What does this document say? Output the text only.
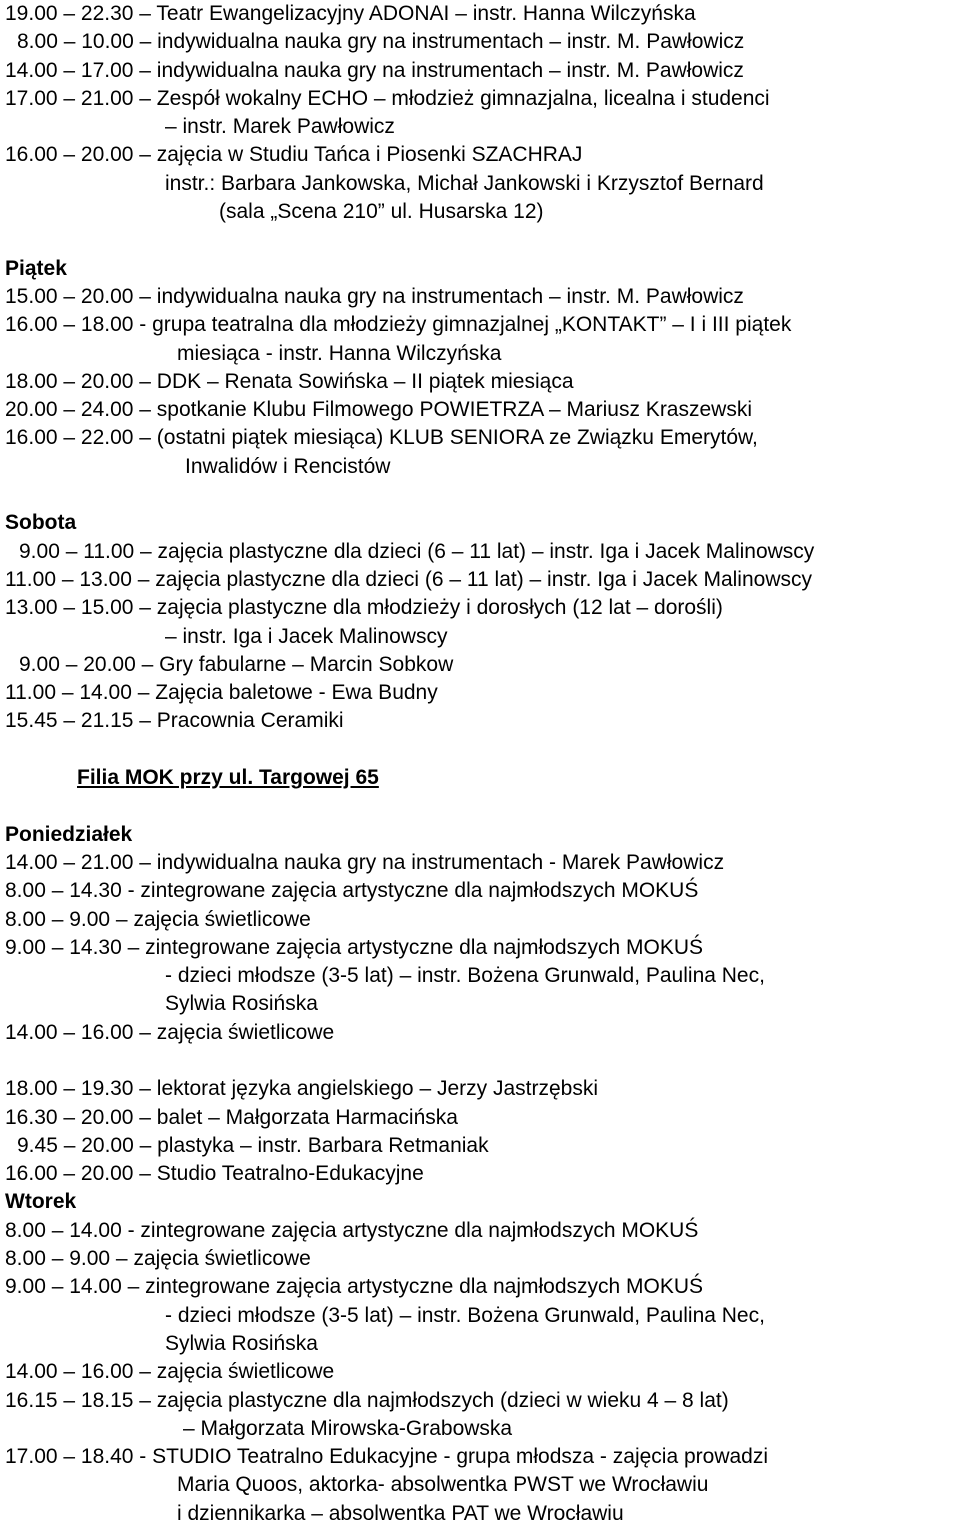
19.00 – 22.30 – Teatr Ewangelizacyjny ADONAI – instr. Hanna Wilczyńska
8.00 – 10.00 – indywidualna nauka gry na instrumentach – instr. M. Pawłowicz
14.00 – 17.00 – indywidualna nauka gry na instrumentach – instr. M. Pawłowicz
17.00 – 21.00 – Zespół wokalny ECHO – młodzież gimnazjalna, licealna i studenci
– instr. Marek Pawłowicz
16.00 – 20.00 – zajęcia w Studiu Tańca i Piosenki SZACHRAJ
instr.: Barbara Jankowska, Michał Jankowski i Krzysztof Bernard
(sala „Scena 210” ul. Husarska 12)
Piątek
15.00 – 20.00 – indywidualna nauka gry na instrumentach – instr. M. Pawłowicz
16.00 – 18.00 - grupa teatralna dla młodzieży gimnazjalnej „KONTAKT” – I i III piątek
miesiąca - instr. Hanna Wilczyńska
18.00 – 20.00 – DDK – Renata Sowińska – II piątek miesiąca
20.00 – 24.00 – spotkanie Klubu Filmowego POWIETRZA – Mariusz Kraszewski
16.00 – 22.00 – (ostatni piątek miesiąca) KLUB SENIORA ze Związku Emerytów,
Inwalidów i Rencistów
Sobota
9.00 – 11.00 – zajęcia plastyczne dla dzieci (6 – 11 lat) – instr. Iga i Jacek Malinowscy
11.00 – 13.00 – zajęcia plastyczne dla dzieci (6 – 11 lat) – instr. Iga i Jacek Malinowscy
13.00 – 15.00 – zajęcia plastyczne dla młodzieży i dorosłych (12 lat – dorośli)
– instr. Iga i Jacek Malinowscy
9.00 – 20.00 – Gry fabularne – Marcin Sobkow
11.00 – 14.00 – Zajęcia baletowe - Ewa Budny
15.45 – 21.15 – Pracownia Ceramiki
Filia MOK przy ul. Targowej 65
Poniedziałek
14.00 – 21.00 – indywidualna nauka gry na instrumentach - Marek Pawłowicz
8.00 – 14.30 - zintegrowane zajęcia artystyczne dla najmłodszych MOKUŚ
8.00 – 9.00 – zajęcia świetlicowe
9.00 – 14.30 – zintegrowane zajęcia artystyczne dla najmłodszych MOKUŚ
- dzieci młodsze (3-5 lat) – instr. Bożena Grunwald, Paulina Nec,
Sylwia Rosińska
14.00 – 16.00 – zajęcia świetlicowe
18.00 – 19.30 – lektorat języka angielskiego – Jerzy Jastrzębski
16.30 – 20.00 – balet – Małgorzata Harmacińska
9.45 – 20.00 – plastyka – instr. Barbara Retmaniak
16.00 – 20.00 – Studio Teatralno-Edukacyjne
Wtorek
8.00 – 14.00 - zintegrowane zajęcia artystyczne dla najmłodszych MOKUŚ
8.00 – 9.00 – zajęcia świetlicowe
9.00 – 14.00 – zintegrowane zajęcia artystyczne dla najmłodszych MOKUŚ
- dzieci młodsze (3-5 lat) – instr. Bożena Grunwald, Paulina Nec,
Sylwia Rosińska
14.00 – 16.00 – zajęcia świetlicowe
16.15 – 18.15 – zajęcia plastyczne dla najmłodszych (dzieci w wieku 4 – 8 lat)
– Małgorzata Mirowska-Grabowska
17.00 – 18.40 - STUDIO Teatralno Edukacyjne - grupa młodsza - zajęcia prowadzi
Maria Quoos, aktorka- absolwentka PWST we Wrocławiu
i dziennikarka – absolwentka PAT we Wrocławiu
